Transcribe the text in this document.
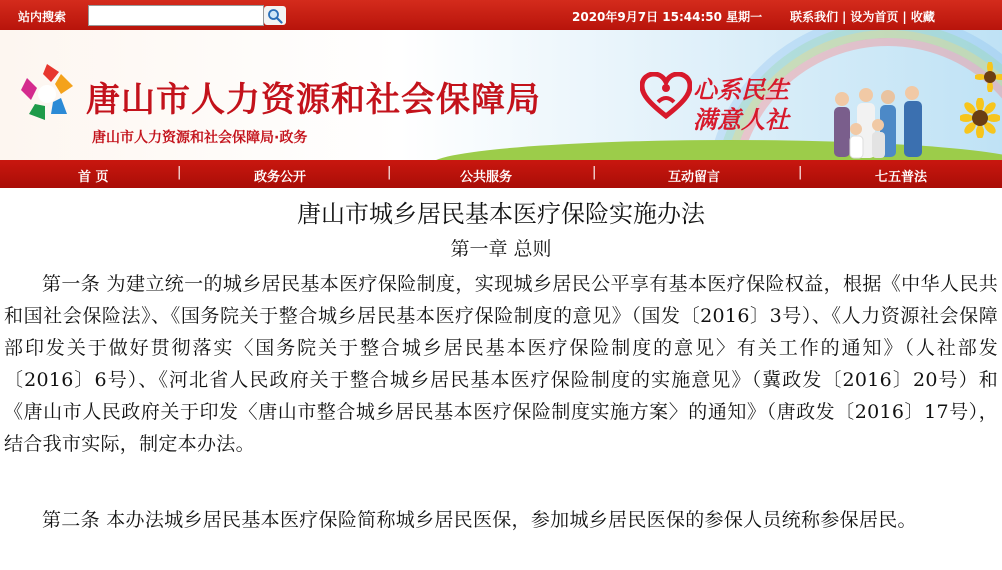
站内搜索	2020年9月7日 15:44:50 星期一 联系我们 | 设为首页 | 收藏
唐山市人力资源和社会保障局
唐山市人力资源和社会保障局·政务
心系民生
满意人社
首 页	|	政务公开	|	公共服务	|	互动留言	|	七五普法
唐山市城乡居民基本医疗保险实施办法
第一章 总则
第一条 为建立统一的城乡居民基本医疗保险制度，实现城乡居民公平享有基本医疗保险权益，根据《中华人民共和国社会保险法》、《国务院关于整合城乡居民基本医疗保险制度的意见》（国发〔2016〕3号）、《人力资源社会保障部印发关于做好贯彻落实〈国务院关于整合城乡居民基本医疗保险制度的意见〉有关工作的通知》（人社部发〔2016〕6号）、《河北省人民政府关于整合城乡居民基本医疗保险制度的实施意见》（冀政发〔2016〕20号）和《唐山市人民政府关于印发〈唐山市整合城乡居民基本医疗保险制度实施方案〉的通知》（唐政发〔2016〕17号），结合我市实际，制定本办法。
第二条 本办法城乡居民基本医疗保险简称城乡居民医保，参加城乡居民医保的参保人员统称参保居民。
